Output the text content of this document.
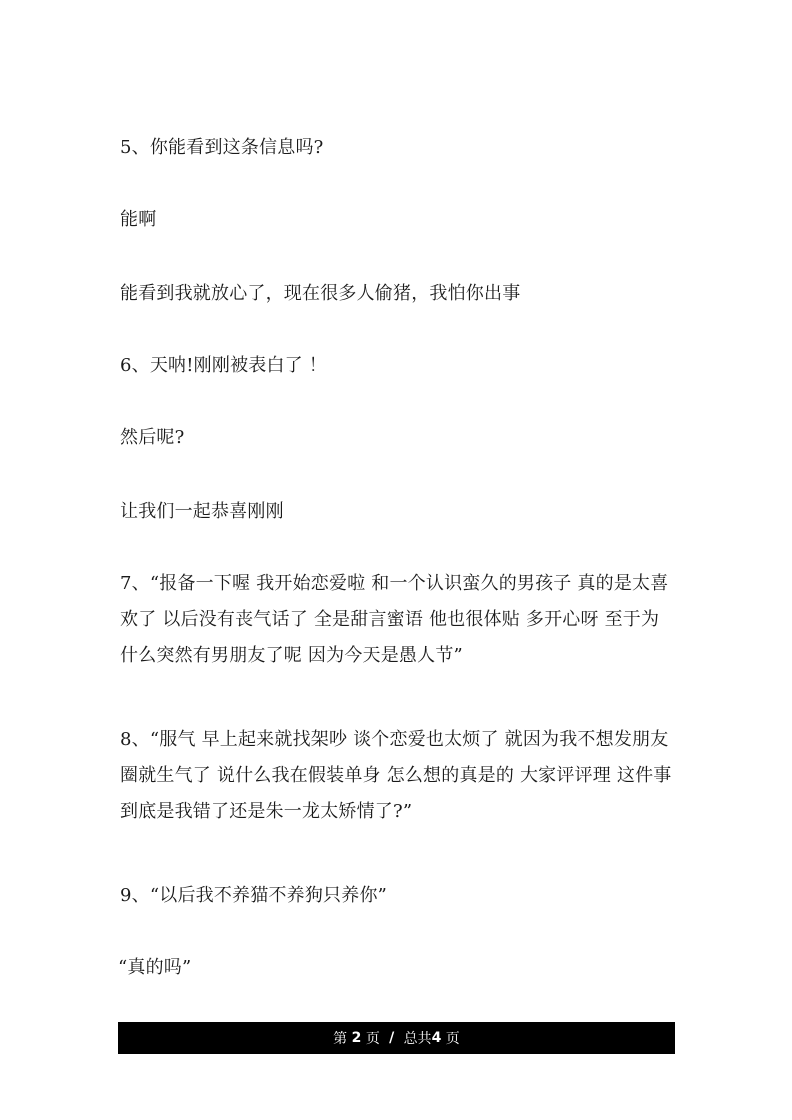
5、你能看到这条信息吗?

能啊

能看到我就放心了，现在很多人偷猪，我怕你出事

6、天呐!刚刚被表白了 ！

然后呢?

让我们一起恭喜刚刚

7、“报备一下喔 我开始恋爱啦 和一个认识蛮久的男孩子 真的是太喜欢了 以后没有丧气话了 全是甜言蜜语 他也很体贴 多开心呀 至于为什么突然有男朋友了呢 因为今天是愚人节”

8、“服气 早上起来就找架吵 谈个恋爱也太烦了 就因为我不想发朋友圈就生气了 说什么我在假装单身 怎么想的真是的 大家评评理 这件事到底是我错了还是朱一龙太矫情了?”

9、“以后我不养猫不养狗只养你”

“真的吗”

第 2 页 / 总共 4 页
